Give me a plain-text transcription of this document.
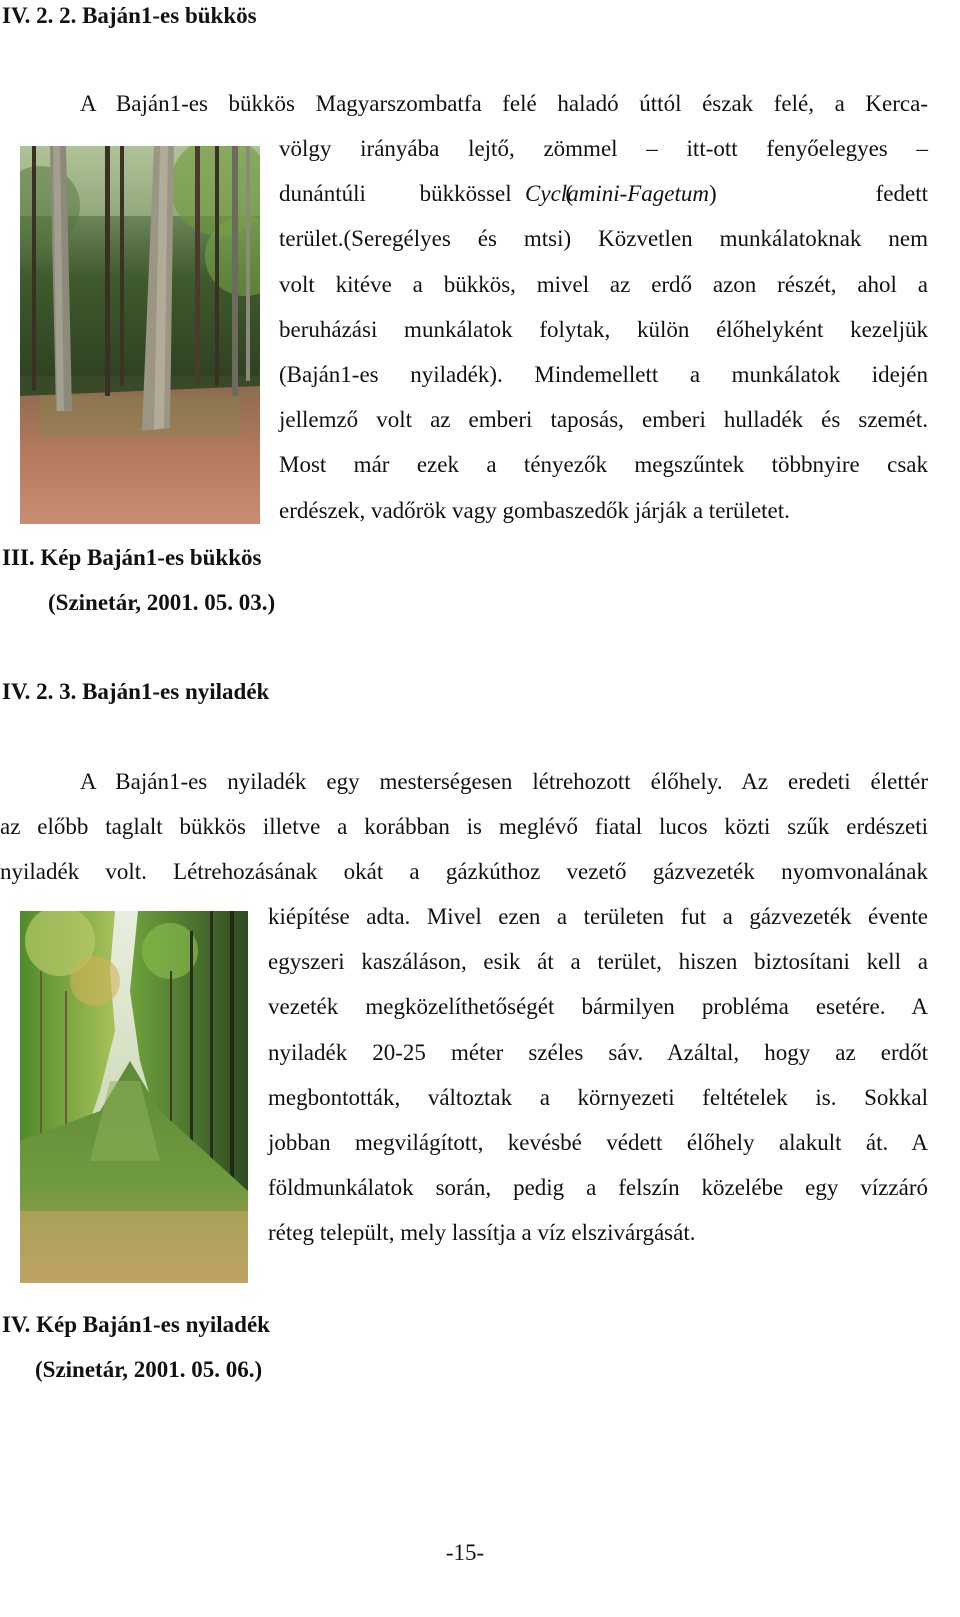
IV. 2. 2. Baján1-es bükkös
A Baján1-es bükkös Magyarszombatfa felé haladó úttól észak felé, a Kerca-
völgy irányába lejtő, zömmel – itt-ott fenyőelegyes –
dunántúli bükkössel (
Cyclamini-Fagetum ) fedett
terület.(Seregélyes és mtsi) Közvetlen munkálatoknak nem
volt kitéve a bükkös, mivel az erdő azon részét, ahol a
beruházási munkálatok folytak, külön élőhelyként kezeljük
(Baján1-es nyiladék). Mindemellett a munkálatok idején
jellemző volt az emberi taposás, emberi hulladék és szemét.
Most már ezek a tényezők megszűntek többnyire csak
erdészek, vadőrök vagy gombaszedők járják a területet.
III. Kép Baján1-es bükkös
(Szinetár, 2001. 05. 03.)
IV. 2. 3. Baján1-es nyiladék
A Baján1-es nyiladék egy mesterségesen létrehozott élőhely. Az eredeti élettér
az előbb taglalt bükkös illetve a korábban is meglévő fiatal lucos közti szűk erdészeti
nyiladék volt. Létrehozásának okát a gázkúthoz vezető gázvezeték nyomvonalának
kiépítése adta. Mivel ezen a területen fut a gázvezeték évente
egyszeri kaszáláson, esik át a terület, hiszen biztosítani kell a
vezeték megközelíthetőségét bármilyen probléma esetére. A
nyiladék 20-25 méter széles sáv. Azáltal, hogy az erdőt
megbontották, változtak a környezeti feltételek is. Sokkal
jobban megvilágított, kevésbé védett élőhely alakult át. A
földmunkálatok során, pedig a felszín közelébe egy vízzáró
réteg települt, mely lassítja a víz elszivárgását.
IV. Kép Baján1-es nyiladék
(Szinetár, 2001. 05. 06.)
-15-
